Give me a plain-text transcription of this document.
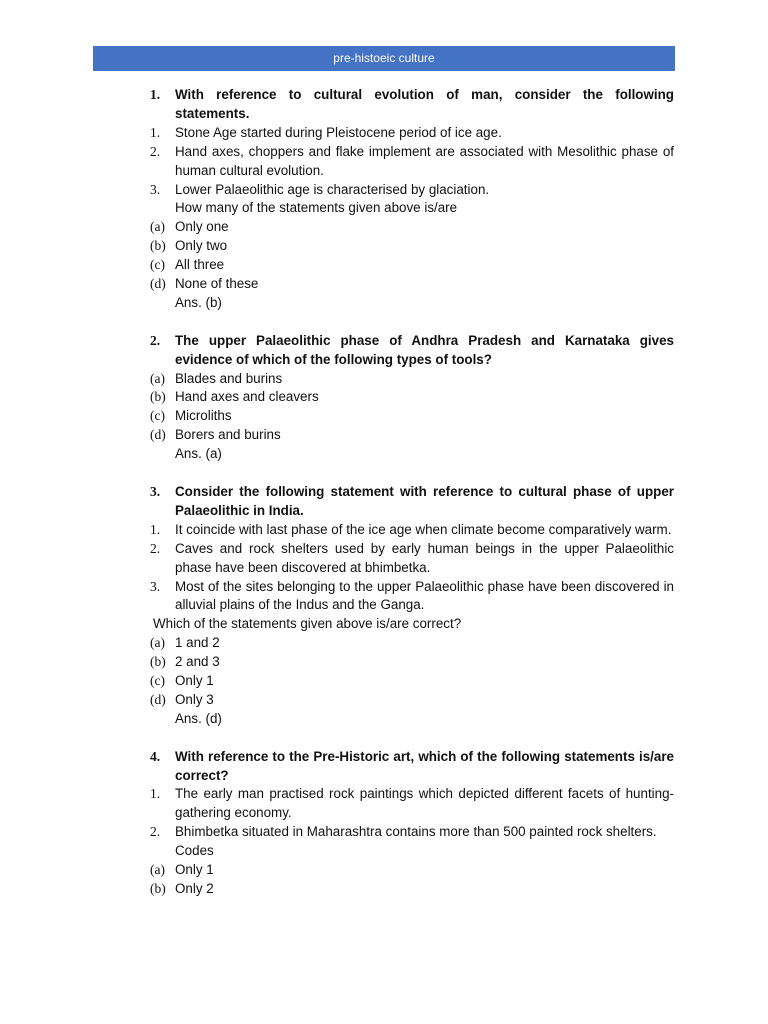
pre-histoeic culture
1.	With reference to cultural evolution of man, consider the following statements.
1.	Stone Age started during Pleistocene period of ice age.
2.	Hand axes, choppers and flake implement are associated with Mesolithic phase of human cultural evolution.
3.	Lower Palaeolithic age is characterised by glaciation.
How many of the statements given above is/are
(a) Only one
(b) Only two
(c) All three
(d) None of these
Ans. (b)
2.	The upper Palaeolithic phase of Andhra Pradesh and Karnataka gives evidence of which of the following types of tools?
(a) Blades and burins
(b) Hand axes and cleavers
(c) Microliths
(d) Borers and burins
Ans. (a)
3.	Consider the following statement with reference to cultural phase of upper Palaeolithic in India.
1.	It coincide with last phase of the ice age when climate become comparatively warm.
2.	Caves and rock shelters used by early human beings in the upper Palaeolithic phase have been discovered at bhimbetka.
3.	Most of the sites belonging to the upper Palaeolithic phase have been discovered in alluvial plains of the Indus and the Ganga.
Which of the statements given above is/are correct?
(a) 1 and 2
(b) 2 and 3
(c) Only 1
(d) Only 3
Ans. (d)
4.	With reference to the Pre-Historic art, which of the following statements is/are correct?
1.	The early man practised rock paintings which depicted different facets of hunting-gathering economy.
2.	Bhimbetka situated in Maharashtra contains more than 500 painted rock shelters.
Codes
(a) Only 1
(b) Only 2
